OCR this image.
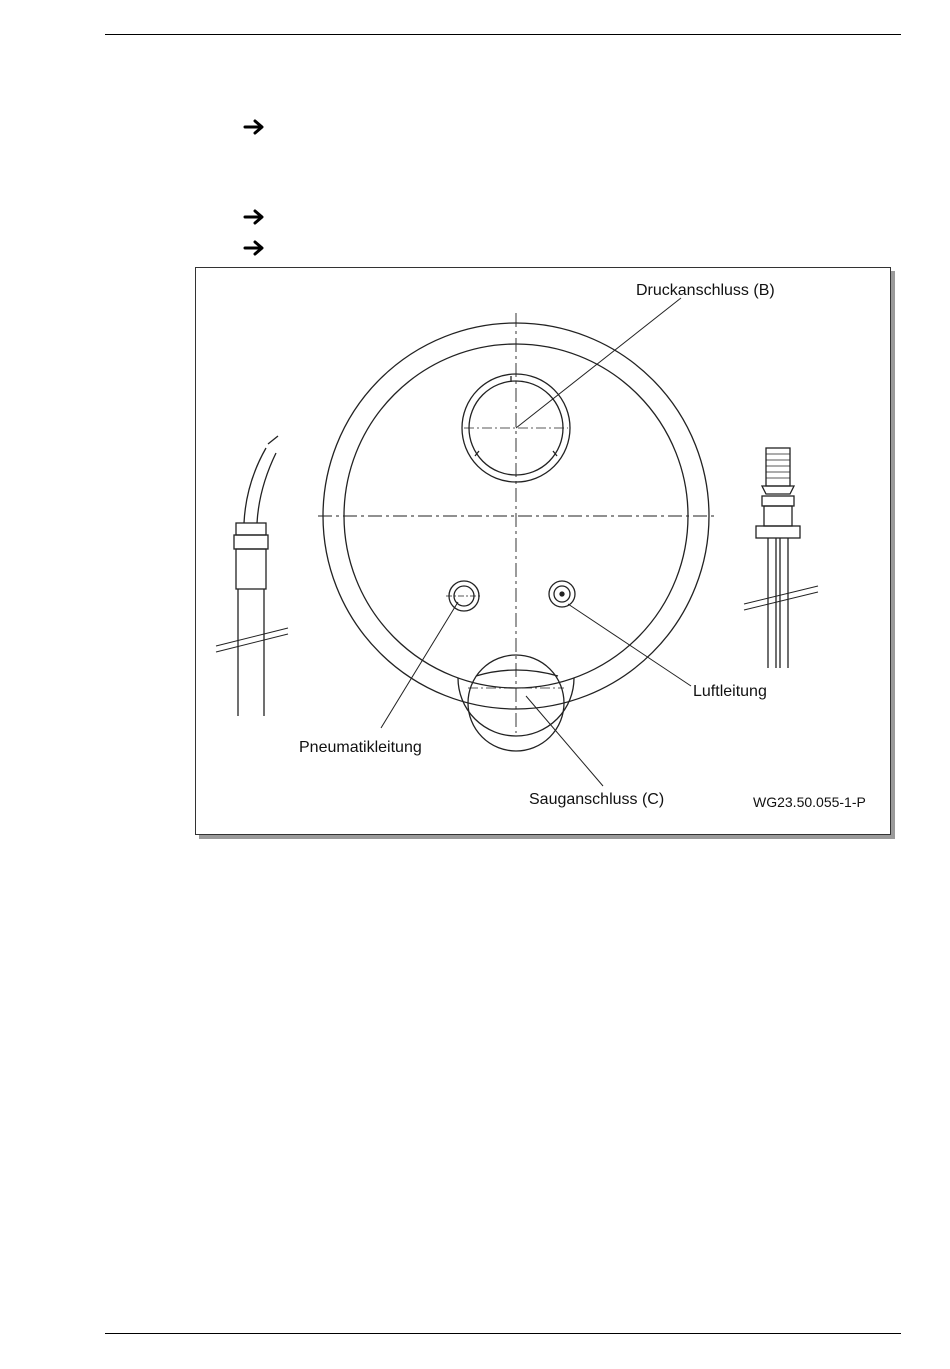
Druckanschluss (B)
Luftleitung
Pneumatikleitung
Sauganschluss (C)	WG23.50.055-1-P
